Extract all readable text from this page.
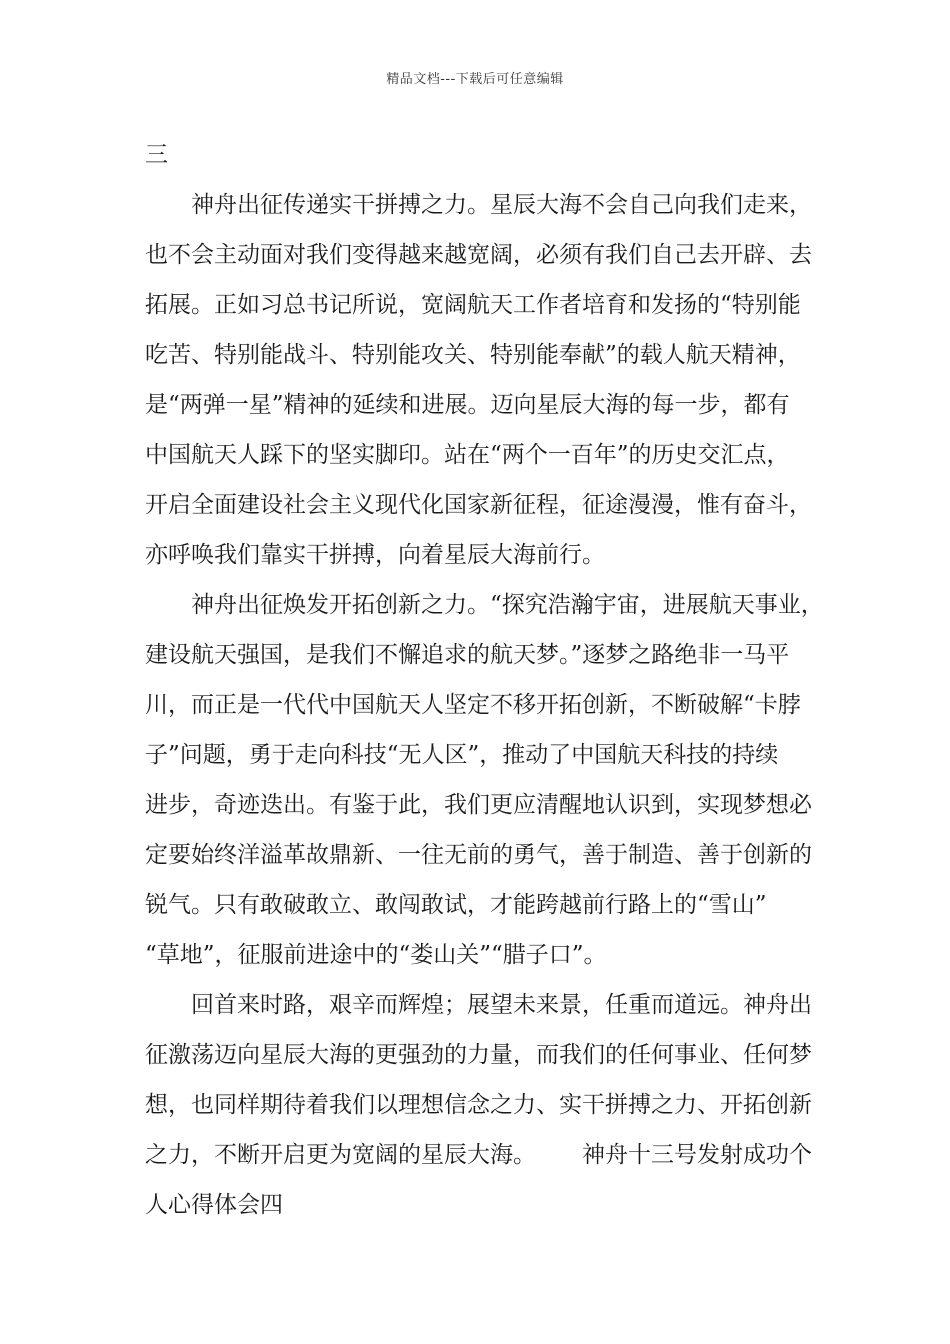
精品文档---下载后可任意编辑
三
神舟出征传递实干拼搏之力。星辰大海不会自己向我们走来，
也不会主动面对我们变得越来越宽阔，必须有我们自己去开辟、去
拓展。正如习总书记所说，宽阔航天工作者培育和发扬的“特别能
吃苦、特别能战斗、特别能攻关、特别能奉献”的载人航天精神，
是“两弹一星”精神的延续和进展。迈向星辰大海的每一步，都有
中国航天人踩下的坚实脚印。站在“两个一百年”的历史交汇点，
开启全面建设社会主义现代化国家新征程，征途漫漫，惟有奋斗，
亦呼唤我们靠实干拼搏，向着星辰大海前行。
神舟出征焕发开拓创新之力。“探究浩瀚宇宙，进展航天事业，
建设航天强国，是我们不懈追求的航天梦。”逐梦之路绝非一马平
川，而正是一代代中国航天人坚定不移开拓创新，不断破解“卡脖
子”问题，勇于走向科技“无人区”，推动了中国航天科技的持续
进步，奇迹迭出。有鉴于此，我们更应清醒地认识到，实现梦想必
定要始终洋溢革故鼎新、一往无前的勇气，善于制造、善于创新的
锐气。只有敢破敢立、敢闯敢试，才能跨越前行路上的“雪山”
“草地”，征服前进途中的“娄山关”“腊子口”。
回首来时路，艰辛而辉煌；展望未来景，任重而道远。神舟出
征激荡迈向星辰大海的更强劲的力量，而我们的任何事业、任何梦
想，也同样期待着我们以理想信念之力、实干拼搏之力、开拓创新
之力，不断开启更为宽阔的星辰大海。 神舟十三号发射成功个
人心得体会四
